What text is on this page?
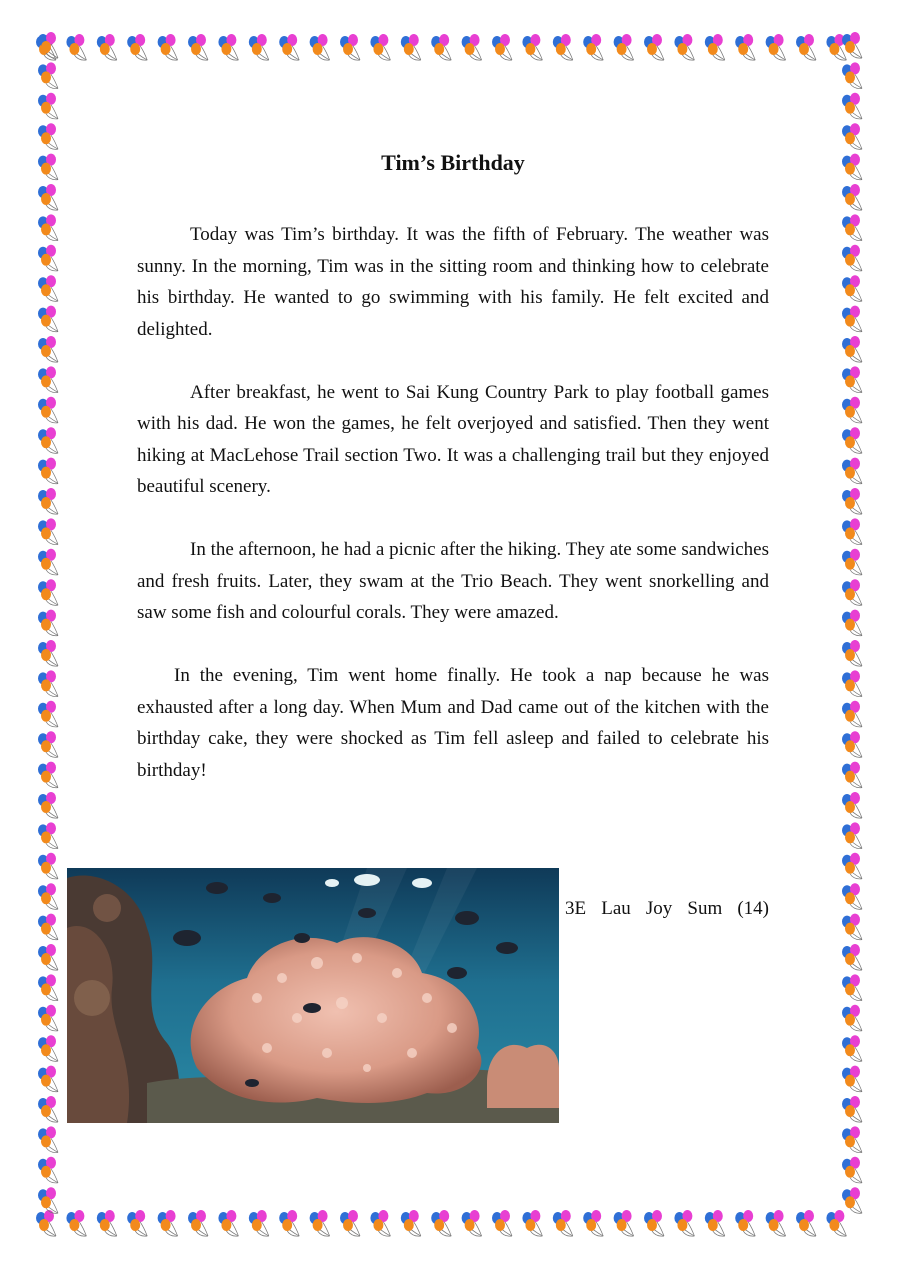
Tim’s Birthday

Today was Tim’s birthday. It was the fifth of February. The weather was sunny. In the morning, Tim was in the sitting room and thinking how to celebrate his birthday. He wanted to go swimming with his family. He felt excited and delighted.

After breakfast, he went to Sai Kung Country Park to play football games with his dad. He won the games, he felt overjoyed and satisfied. Then they went hiking at MacLehose Trail section Two. It was a challenging trail but they enjoyed beautiful scenery.

In the afternoon, he had a picnic after the hiking. They ate some sandwiches and fresh fruits. Later, they swam at the Trio Beach. They went snorkelling and saw some fish and colourful corals. They were amazed.

In the evening, Tim went home finally. He took a nap because he was exhausted after a long day. When Mum and Dad came out of the kitchen with the birthday cake, they were shocked as Tim fell asleep and failed to celebrate his birthday!

3E Lau Joy Sum (14)
